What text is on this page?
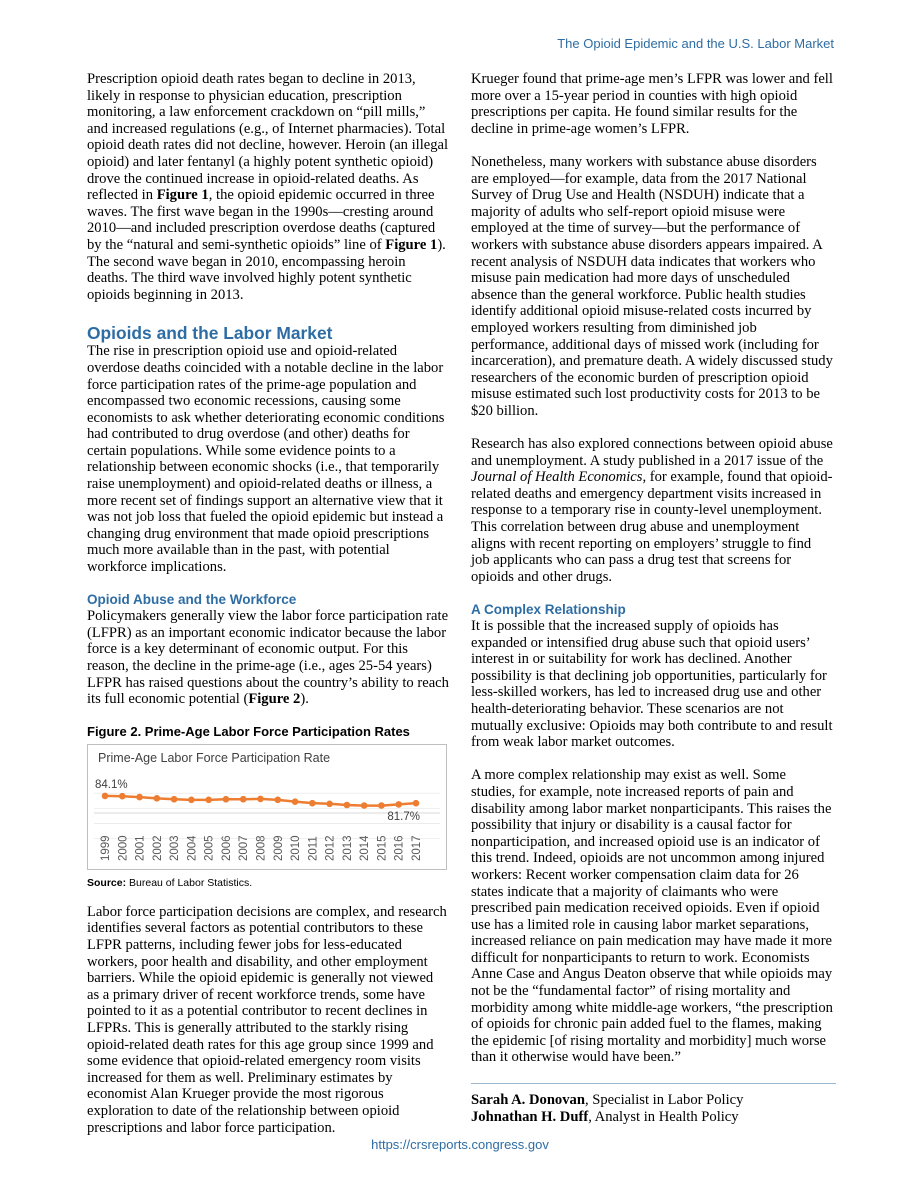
The Opioid Epidemic and the U.S. Labor Market

Prescription opioid death rates began to decline in 2013, likely in response to physician education, prescription monitoring, a law enforcement crackdown on “pill mills,” and increased regulations (e.g., of Internet pharmacies). Total opioid death rates did not decline, however. Heroin (an illegal opioid) and later fentanyl (a highly potent synthetic opioid) drove the continued increase in opioid-related deaths. As reflected in Figure 1, the opioid epidemic occurred in three waves. The first wave began in the 1990s—cresting around 2010—and included prescription overdose deaths (captured by the “natural and semi-synthetic opioids” line of Figure 1). The second wave began in 2010, encompassing heroin deaths. The third wave involved highly potent synthetic opioids beginning in 2013.

Opioids and the Labor Market

The rise in prescription opioid use and opioid-related overdose deaths coincided with a notable decline in the labor force participation rates of the prime-age population and encompassed two economic recessions, causing some economists to ask whether deteriorating economic conditions had contributed to drug overdose (and other) deaths for certain populations. While some evidence points to a relationship between economic shocks (i.e., that temporarily raise unemployment) and opioid-related deaths or illness, a more recent set of findings support an alternative view that it was not job loss that fueled the opioid epidemic but instead a changing drug environment that made opioid prescriptions much more available than in the past, with potential workforce implications.

Opioid Abuse and the Workforce

Policymakers generally view the labor force participation rate (LFPR) as an important economic indicator because the labor force is a key determinant of economic output. For this reason, the decline in the prime-age (i.e., ages 25-54 years) LFPR has raised questions about the country’s ability to reach its full economic potential (Figure 2).

Figure 2. Prime-Age Labor Force Participation Rates
Prime-Age Labor Force Participation Rate
84.1%
81.7%
1999 2000 2001 2002 2003 2004 2005 2006 2007 2008 2009 2010 2011 2012 2013 2014 2015 2016 2017
Source: Bureau of Labor Statistics.

Labor force participation decisions are complex, and research identifies several factors as potential contributors to these LFPR patterns, including fewer jobs for less-educated workers, poor health and disability, and other employment barriers. While the opioid epidemic is generally not viewed as a primary driver of recent workforce trends, some have pointed to it as a potential contributor to recent declines in LFPRs. This is generally attributed to the starkly rising opioid-related death rates for this age group since 1999 and some evidence that opioid-related emergency room visits increased for them as well. Preliminary estimates by economist Alan Krueger provide the most rigorous exploration to date of the relationship between opioid prescriptions and labor force participation.

Krueger found that prime-age men’s LFPR was lower and fell more over a 15-year period in counties with high opioid prescriptions per capita. He found similar results for the decline in prime-age women’s LFPR.

Nonetheless, many workers with substance abuse disorders are employed—for example, data from the 2017 National Survey of Drug Use and Health (NSDUH) indicate that a majority of adults who self-report opioid misuse were employed at the time of survey—but the performance of workers with substance abuse disorders appears impaired. A recent analysis of NSDUH data indicates that workers who misuse pain medication had more days of unscheduled absence than the general workforce. Public health studies identify additional opioid misuse-related costs incurred by employed workers resulting from diminished job performance, additional days of missed work (including for incarceration), and premature death. A widely discussed study researchers of the economic burden of prescription opioid misuse estimated such lost productivity costs for 2013 to be $20 billion.

Research has also explored connections between opioid abuse and unemployment. A study published in a 2017 issue of the Journal of Health Economics, for example, found that opioid-related deaths and emergency department visits increased in response to a temporary rise in county-level unemployment. This correlation between drug abuse and unemployment aligns with recent reporting on employers’ struggle to find job applicants who can pass a drug test that screens for opioids and other drugs.

A Complex Relationship

It is possible that the increased supply of opioids has expanded or intensified drug abuse such that opioid users’ interest in or suitability for work has declined. Another possibility is that declining job opportunities, particularly for less-skilled workers, has led to increased drug use and other health-deteriorating behavior. These scenarios are not mutually exclusive: Opioids may both contribute to and result from weak labor market outcomes.

A more complex relationship may exist as well. Some studies, for example, note increased reports of pain and disability among labor market nonparticipants. This raises the possibility that injury or disability is a causal factor for nonparticipation, and increased opioid use is an indicator of this trend. Indeed, opioids are not uncommon among injured workers: Recent worker compensation claim data for 26 states indicate that a majority of claimants who were prescribed pain medication received opioids. Even if opioid use has a limited role in causing labor market separations, increased reliance on pain medication may have made it more difficult for nonparticipants to return to work. Economists Anne Case and Angus Deaton observe that while opioids may not be the “fundamental factor” of rising mortality and morbidity among white middle-age workers, “the prescription of opioids for chronic pain added fuel to the flames, making the epidemic [of rising mortality and morbidity] much worse than it otherwise would have been.”

Sarah A. Donovan, Specialist in Labor Policy

Johnathan H. Duff, Analyst in Health Policy

https://crsreports.congress.gov
